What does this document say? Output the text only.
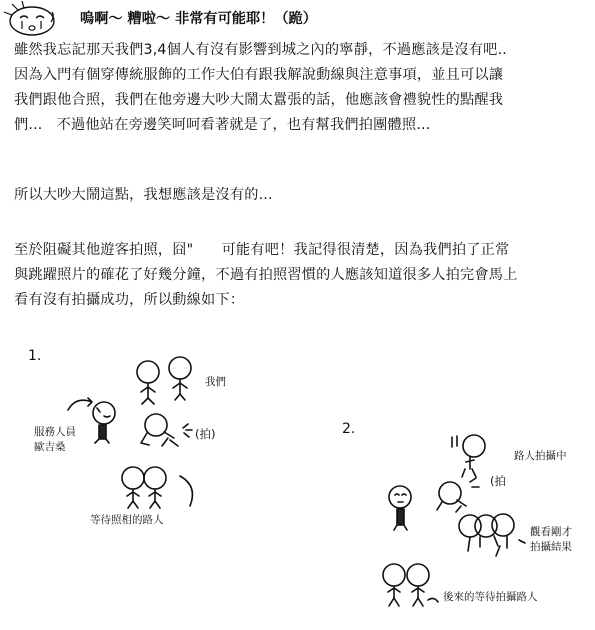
嗚啊～ 糟啦～ 非常有可能耶！（跪）

雖然我忘記那天我們3,4個人有沒有影響到城之內的寧靜，不過應該是沒有吧..
因為入門有個穿傳統服飾的工作大伯有跟我解說動線與注意事項，並且可以讓
我們跟他合照，我們在他旁邊大吵大鬧太囂張的話，他應該會禮貌性的點醒我
們...   不過他站在旁邊笑呵呵看著就是了，也有幫我們拍團體照...

所以大吵大鬧這點，我想應該是沒有的...

至於阻礙其他遊客拍照，囧"      可能有吧！我記得很清楚，因為我們拍了正常
與跳躍照片的確花了好幾分鐘，不過有拍照習慣的人應該知道很多人拍完會馬上
看有沒有拍攝成功，所以動線如下：

1.
我們
(拍)
服務人員
歐吉桑
等待照相的路人
2.
路人拍攝中
(拍
觀看剛才
拍攝結果
後來的等待拍攝路人
